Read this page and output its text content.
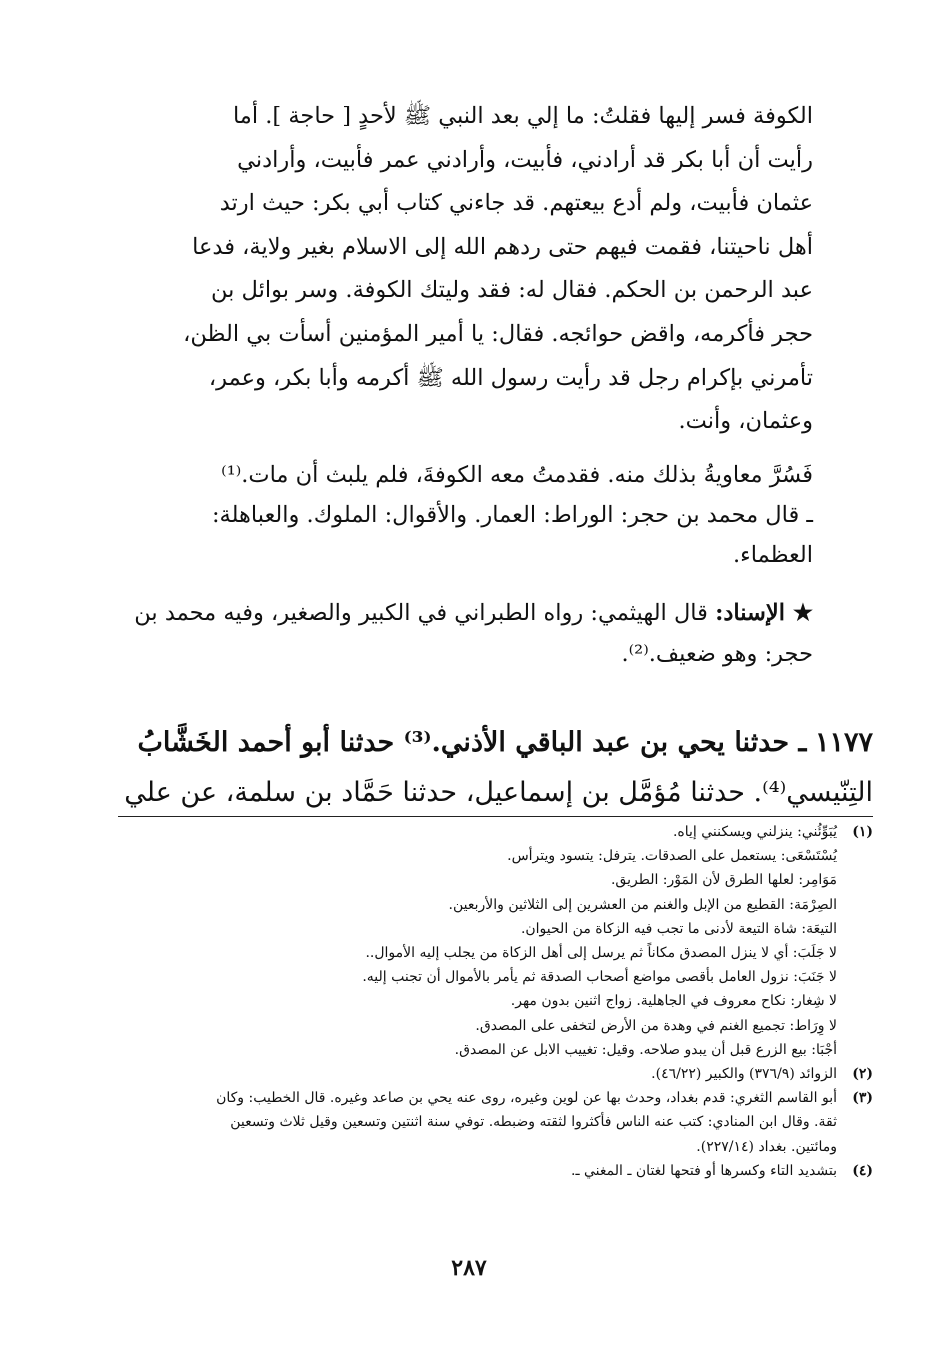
الكوفة فسر إليها فقلتُ: ما إلي بعد النبي ﷺ لأحدٍ [ حاجة ]. أما
رأيت أن أبا بكر قد أرادني، فأبيت، وأرادني عمر فأبيت، وأرادني
عثمان فأبيت، ولم أدع بيعتهم. قد جاءني كتاب أبي بكر: حيث ارتد
أهل ناحيتنا، فقمت فيهم حتى ردهم الله إلى الاسلام بغير ولاية، فدعا
عبد الرحمن بن الحكم. فقال له: فقد وليتك الكوفة. وسر بوائل بن
حجر فأكرمه، واقض حوائجه. فقال: يا أمير المؤمنين أسأت بي الظن،
تأمرني بإكرام رجل قد رأيت رسول الله ﷺ أكرمه وأبا بكر، وعمر،
وعثمان، وأنت.
فَسُرَّ معاويةُ بذلك منه. فقدمتُ معه الكوفةَ، فلم يلبث أن مات.⁽¹⁾
ـ قال محمد بن حجر: الوراط: العمار. والأقوال: الملوك. والعباهلة:
العظماء.
★ الإسناد: قال الهيثمي: رواه الطبراني في الكبير والصغير، وفيه محمد بن
حجر: وهو ضعيف.⁽²⁾.
١١٧٧ ـ حدثنا يحي بن عبد الباقي الأذني.⁽³⁾ حدثنا أبو أحمد الخَشَّابُ
التِنّيسي⁽⁴⁾. حدثنا مُؤمَّل بن إسماعيل، حدثنا حَمَّاد بن سلمة، عن علي
(١)
يُبَوِّئُني: ينزلني ويسكنني إياه.
يُسْتَسْعَى: يستعمل على الصدقات. يترفل: يتسود ويترأس.
مَوَامِر: لعلها الطرق لأن المَوْر: الطريق.
الصِرْمَة: القطيع من الإبل والغنم من العشرين إلى الثلاثين والأربعين.
التيعَة: شاة التيعة لأدنى ما تجب فيه الزكاة من الحيوان.
لا جَلَبَ: أي لا ينزل المصدق مكاناً ثم يرسل إلى أهل الزكاة من يجلب إليه الأموال..
لا جَنَبَ: نزول العامل بأقصى مواضع أصحاب الصدقة ثم يأمر بالأموال أن تجنب إليه.
لا شِغار: نكاح معروف في الجاهلية. زواج اثنين بدون مهر.
لا وِرَاط: تجميع الغنم في وهدة من الأرض لتخفى على المصدق.
أجْبَا: بيع الزرع قبل أن يبدو صلاحه. وقيل: تغييب الابل عن المصدق.
(٢)
الزوائد (٣٧٦/٩) والكبير (٤٦/٢٢).
(٣)
أبو القاسم الثغري: قدم بغداد، وحدث بها عن لوين وغيره، روى عنه يحي بن صاعد وغيره. قال الخطيب: وكان
ثقة. وقال ابن المنادي: كتب عنه الناس فأكثروا لثقته وضبطه. توفي سنة اثنتين وتسعين وقيل ثلاث وتسعين
ومائتين. بغداد (٢٢٧/١٤).
(٤)
بتشديد التاء وكسرها أو فتحها لغتان ـ المغني ـ.
٢٨٧
